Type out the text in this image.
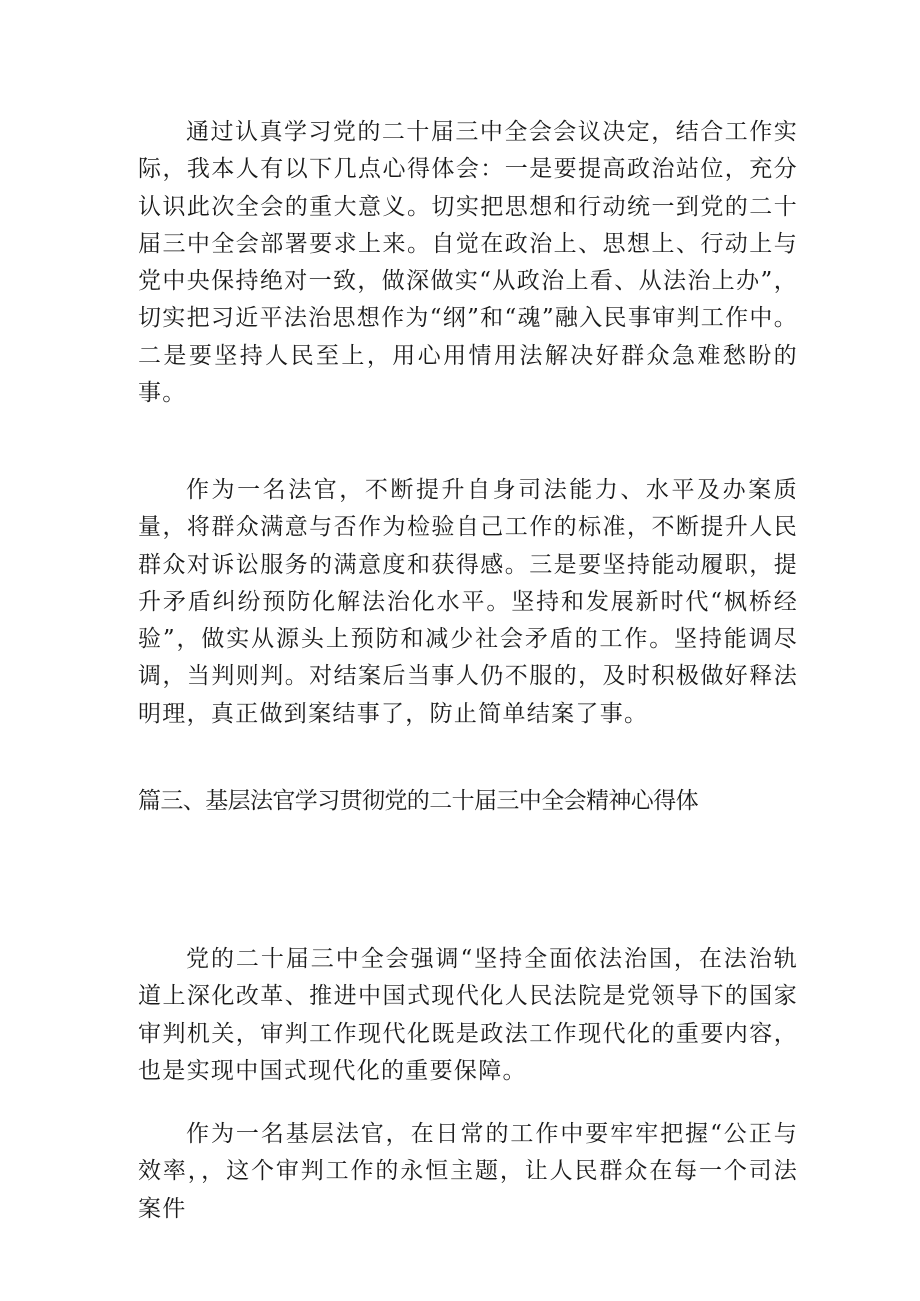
通过认真学习党的二十届三中全会会议决定，结合工作实际，我本人有以下几点心得体会：一是要提高政治站位，充分认识此次全会的重大意义。切实把思想和行动统一到党的二十届三中全会部署要求上来。自觉在政治上、思想上、行动上与党中央保持绝对一致，做深做实“从政治上看、从法治上办”，切实把习近平法治思想作为“纲”和“魂”融入民事审判工作中。二是要坚持人民至上，用心用情用法解决好群众急难愁盼的事。

作为一名法官，不断提升自身司法能力、水平及办案质量，将群众满意与否作为检验自己工作的标准，不断提升人民群众对诉讼服务的满意度和获得感。三是要坚持能动履职，提升矛盾纠纷预防化解法治化水平。坚持和发展新时代“枫桥经验”，做实从源头上预防和减少社会矛盾的工作。坚持能调尽调，当判则判。对结案后当事人仍不服的，及时积极做好释法明理，真正做到案结事了，防止简单结案了事。

篇三、基层法官学习贯彻党的二十届三中全会精神心得体

党的二十届三中全会强调“坚持全面依法治国，在法治轨道上深化改革、推进中国式现代化人民法院是党领导下的国家审判机关，审判工作现代化既是政法工作现代化的重要内容，也是实现中国式现代化的重要保障。

作为一名基层法官，在日常的工作中要牢牢把握“公正与效率，，这个审判工作的永恒主题，让人民群众在每一个司法案件
